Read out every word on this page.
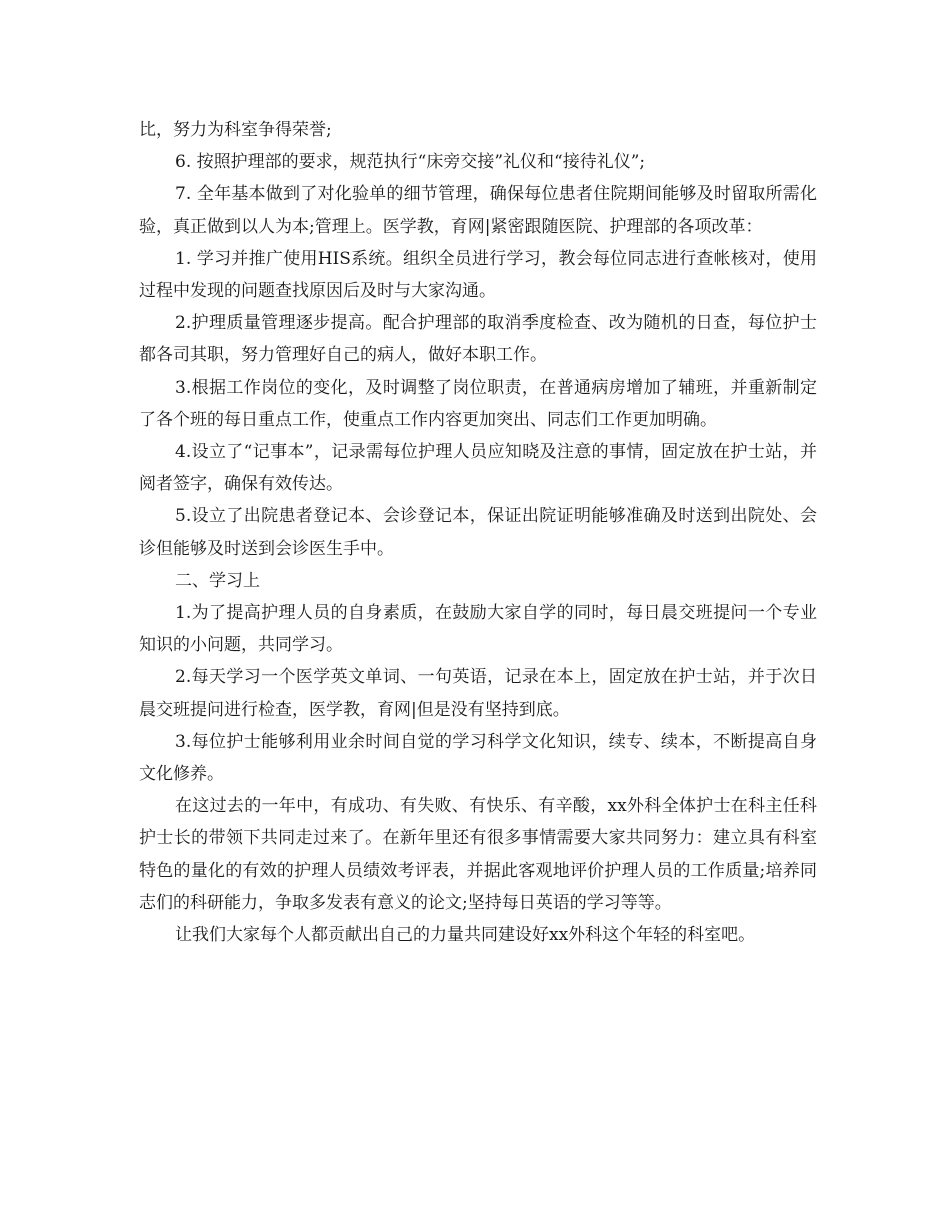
比，努力为科室争得荣誉;

6. 按照护理部的要求，规范执行“床旁交接”礼仪和“接待礼仪”;

7. 全年基本做到了对化验单的细节管理，确保每位患者住院期间能够及时留取所需化验，真正做到以人为本;管理上。医学教，育网|紧密跟随医院、护理部的各项改革：

1. 学习并推广使用HIS系统。组织全员进行学习，教会每位同志进行查帐核对，使用过程中发现的问题查找原因后及时与大家沟通。

2.护理质量管理逐步提高。配合护理部的取消季度检查、改为随机的日查，每位护士都各司其职，努力管理好自己的病人，做好本职工作。

3.根据工作岗位的变化，及时调整了岗位职责，在普通病房增加了辅班，并重新制定了各个班的每日重点工作，使重点工作内容更加突出、同志们工作更加明确。

4.设立了“记事本”，记录需每位护理人员应知晓及注意的事情，固定放在护士站，并阅者签字，确保有效传达。

5.设立了出院患者登记本、会诊登记本，保证出院证明能够准确及时送到出院处、会诊但能够及时送到会诊医生手中。

二、学习上

1.为了提高护理人员的自身素质，在鼓励大家自学的同时，每日晨交班提问一个专业知识的小问题，共同学习。

2.每天学习一个医学英文单词、一句英语，记录在本上，固定放在护士站，并于次日晨交班提问进行检查，医学教，育网|但是没有坚持到底。

3.每位护士能够利用业余时间自觉的学习科学文化知识，续专、续本，不断提高自身文化修养。

在这过去的一年中，有成功、有失败、有快乐、有辛酸，xx外科全体护士在科主任科护士长的带领下共同走过来了。在新年里还有很多事情需要大家共同努力：建立具有科室特色的量化的有效的护理人员绩效考评表，并据此客观地评价护理人员的工作质量;培养同志们的科研能力，争取多发表有意义的论文;坚持每日英语的学习等等。

让我们大家每个人都贡献出自己的力量共同建设好xx外科这个年轻的科室吧。
